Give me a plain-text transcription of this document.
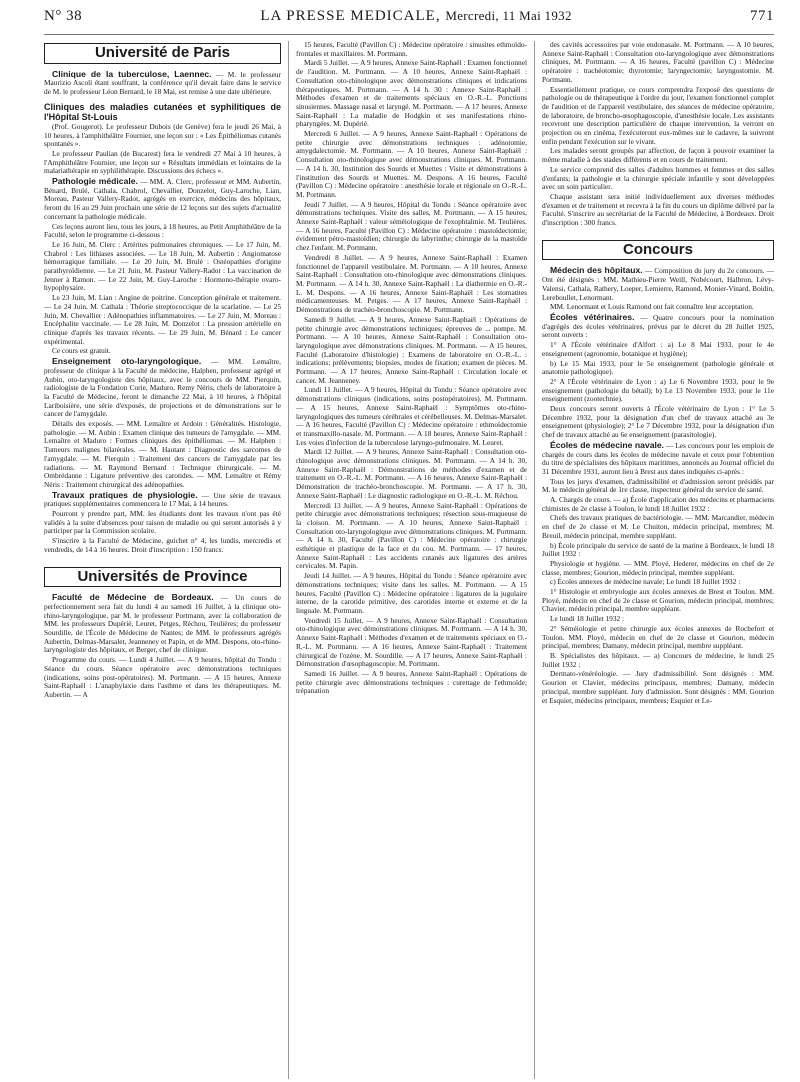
N° 38	LA PRESSE MEDICALE, Mercredi, 11 Mai 1932	771
Université de Paris

Clinique de la tuberculose, Laennec. — M. le professeur Maurizio Ascoli étant souffrant, la conférence qu'il devait faire dans le service de M. le professeur Léon Bernard, le 18 Mai, est remise à une date ultérieure.

Cliniques des maladies cutanées et syphilitiques de l'Hôpital St-Louis

(Prof. Gougerot). Le professeur Dubois (de Genève) fera le jeudi 26 Mai, à 10 heures, à l'amphithéâtre Fournier, une leçon sur : « Les Épithéliomas cutanés spontanés ».

Le professeur Paulian (de Bucarest) fera le vendredi 27 Mai à 10 heures, à l'Amphithéâtre Fournier, une leçon sur « Résultats immédiats et lointains de la malariathérapie en syphilithérapie. Discussions des échecs ».

Pathologie médicale. — MM. A. Clerc, professeur et MM. Aubertin, Bénard, Brulé, Cathala, Chabrol, Chevallier, Donzelot, Guy-Laroche, Lian, Moreau, Pasteur Vallery-Radot, agrégés en exercice, médecins des hôpitaux, feront du 16 au 29 Juin prochain une série de 12 leçons sur des sujets d'actualité concernant la pathologie médicale.

Ces leçons auront lieu, tous les jours, à 18 heures, au Petit Amphithéâtre de la Faculté, selon le programme ci-dessous :

Le 16 Juin, M. Clerc : Artérites pulmonaires chroniques. — Le 17 Juin, M. Chabrol : Les lithiases associées. — Le 18 Juin, M. Aubertin : Angiomatose hémorragique familiale. — Le 20 Juin, M. Brulé : Ostéopathies d'origine parathyroïdienne. — Le 21 Juin, M. Pasteur Vallery-Radot : La vaccination de Jenner à Ramon. — Le 22 Juin, M. Guy-Laroche : Hormono-thérapie ovaro-hypophysaire.

Le 23 Juin, M. Lian : Angine de poitrine. Conception générale et traitement. — Le 24 Juin, M. Cathala : Théorie streptococcique de la scarlatine. — Le 25 Juin, M. Chevallier : Adénopathies inflammatoires. — Le 27 Juin, M. Moreau : Encéphalite vaccinale. — Le 28 Juin, M. Donzelot : La pression artérielle en clinique d'après les travaux récents. — Le 29 Juin, M. Bénard : Le cancer expérimental.

Ce cours est gratuit.

Enseignement oto-laryngologique. — MM. Lemaître, professeur de clinique à la Faculté de médecine, Halphen, professeur agrégé et Aubin, oto-laryngologiste des hôpitaux, avec le concours de MM. Pierquin, radiologiste de la Fondation Curie, Maduro, Remy Néris, chefs de laboratoire à la Faculté de Médecine, feront le dimanche 22 Mai, à 10 heures, à l'hôpital Lariboisière, une série d'exposés, de projections et de démonstrations sur le cancer de l'amygdale.

Détails des exposés. — MM. Lemaître et Ardoin : Généralités. Histologie, pathologie. — M. Aubin : Examen clinique des tumeurs de l'amygdale. — MM. Lemaître et Maduro : Formes cliniques des épithéliomas. — M. Halphen : Tumeurs malignes bilatérales. — M. Hautant : Diagnostic des sarcomes de l'amygdale. — M. Pierquin : Traitement des cancers de l'amygdale par les radiations. — M. Raymond Bernard : Technique chirurgicale. — M. Ombrédanne : Ligature préventive des carotides. — MM. Lemaître et Rémy Néris : Traitement chirurgical des adénopathies.

Travaux pratiques de physiologie. — Une série de travaux pratiques supplémentaires commencera le 17 Mai, à 14 heures.

Pourront y prendre part, MM. les étudiants dont les travaux n'ont pas été validés à la suite d'absences pour raison de maladie ou qui seront autorisés à y participer par la Commission scolaire.

S'inscrire à la Faculté de Médecine, guichet n° 4, les lundis, mercredis et vendredis, de 14 à 16 heures. Droit d'inscription : 150 francs.

Universités de Province

Faculté de Médecine de Bordeaux. — Un cours de perfectionnement sera fait du lundi 4 au samedi 16 Juillet, à la clinique oto-rhino-laryngologique, par M. le professeur Portmann, avec la collaboration de MM. les professeurs Dupérié, Leuret, Petges, Réchou, Teulières; du professeur Sourdille, de l'École de Médecine de Nantes; de MM. le professeurs agrégés Aubertin, Delmas-Marsalet, Jeanneney et Papin, et de MM. Despons, oto-rhino-laryngologiste des hôpitaux, et Berger, chef de clinique.

Programme du cours. — Lundi 4 Juillet. — A 9 heures, hôpital du Tondu : Séance du cours. Séance opératoire avec démonstrations techniques (indications, soins post-opératoires). M. Portmann. — A 15 heures, Annexe Saint-Raphaël : L'anaphylaxie dans l'asthme et dans les thérapeutiques. M. Aubertin. — A

15 heures, Faculté (Pavillon C) : Médecine opératoire : sinusites ethmoïdo-frontales et maxillaires. M. Portmann.

Mardi 5 Juillet. — A 9 heures, Annexe Saint-Raphaël : Examen fonctionnel de l'audition. M. Portmann. — A 10 heures, Annexe Saint-Raphaël : Consultation oto-rhinologique avec démonstrations cliniques et indications thérapeutiques. M. Portmann. — A 14 h. 30 : Annexe Saint-Raphaël : Méthodes d'examen et de traitements spéciaux en O.-R.-L. Ponctions sinusiennes. Massage nasal et laryngé. M. Portmann. — A 17 heures, Annexe Saint-Raphaël : La maladie de Hodgkin et ses manifestations rhino-pharyngées. M. Dupérié.

Mercredi 6 Juillet. — A 9 heures, Annexe Saint-Raphaël : Opérations de petite chirurgie avec démonstrations techniques : adénotomie, amygdalectomie. M. Portmann. — A 10 heures, Annexe Saint-Raphaël : Consultation oto-rhinologique avec démonstrations cliniques. M. Portmann. — A 14 h. 30, Institution des Sourds et Muettes : Visite et démonstrations à l'institution des Sourds et Muettes. M. Despons. A 16 heures, Faculté (Pavillon C) : Médecine opératoire : anesthésie locale et régionale en O.-R.-L. M. Portmann.

Jeudi 7 Juillet. — A 9 heures, Hôpital du Tondu : Séance opératoire avec démonstrations techniques. Visite des salles, M. Portmann. — A 15 heures, Annexe Saint-Raphaël : valeur séméiologique de l'exophtalmie. M. Teulières. — A 16 heures, Faculté (Pavillon C) : Médecine opératoire : mastoïdectomie; évidement pétro-mastoïdien; chirurgie du labyrinthe; chirurgie de la mastoïde chez l'enfant. M. Portmann.

Vendredi 8 Juillet. — A 9 heures, Annexe Saint-Raphaël : Examen fonctionnel de l'appareil vestibulaire. M. Portmann. — A 10 heures, Annexe Saint-Raphaël : Consultation oto-rhinologique avec démonstrations cliniques. M. Portmann. — A 14 h. 30, Annexe Saint-Raphaël : La diathermie en O.-R.-L. M. Despons. — A 16 heures, Annexe Saint-Raphaël : Les stomatites médicamenteuses. M. Petges. — A 17 heures, Annexe Saint-Raphaël : Démonstrations de trachéo-bronchoscopie. M. Portmann.

Samedi 9 Juillet. — A 9 heures, Annexe Saint-Raphaël : Opérations de petite chirurgie avec démonstrations techniques; épreuves de ... pompe. M. Portmann. — A 10 heures, Annexe Saint-Raphaël : Consultation oto-laryngologique avec démonstrations cliniques. M. Portmann. — A 15 heures, Faculté (Laboratoire d'histologie) : Examens de laboratoire en O.-R.-L. : indications; prélèvements; biopsies, modes de fixation; examen de pièces. M. Portmann. — A 17 heures, Annexe Saint-Raphaël : Circulation locale et cancer. M. Jeanneney.

Lundi 11 Juillet. — A 9 heures, Hôpital du Tondu : Séance opératoire avec démonstrations cliniques (indications, soins postopératoires). M. Portmann. — A 15 heures, Annexe Saint-Raphaël : Symptômes oto-rhino-laryngologiques des tumeurs cérébrales et cérébelleuses. M. Delmas-Marsalet. — A 16 heures, Faculté (Pavillon C) : Médecine opératoire : ethmoïdectomie et transmaxillo-nasale. M. Portmann. — A 18 heures, Annexe Saint-Raphaël : Les voies d'infection de la tuberculose laryngo-pulmonaire. M. Leuret.

Mardi 12 Juillet. — A 9 heures, Annexe Saint-Raphaël : Consultation oto-rhinologique avec démonstrations cliniques. M. Portmann. — A 14 h. 30, Annexe Saint-Raphaël : Démonstrations de méthodes d'examen et de traitement en O.-R.-L. M. Portmann. — A 16 heures, Annexe Saint-Raphaël : Démonstration de trachéo-bronchoscopie. M. Portmann. — A 17 h. 30, Annexe Saint-Raphaël : Le diagnostic radiologique en O.-R.-L. M. Réchou.

Mercredi 13 Juillet. — A 9 heures, Annexe Saint-Raphaël : Opérations de petite chirurgie avec démonstrations techniques; résection sous-muqueuse de la cloison. M. Portmann. — A 10 heures, Annexe Saint-Raphaël : Consultation oto-laryngologique avec démonstrations cliniques. M. Portmann. — A 14 h. 30, Faculté (Pavillon C) : Médecine opératoire : chirurgie esthétique et plastique de la face et du cou. M. Portmann. — 17 heures, Annexe Saint-Raphaël : Les accidents cutanés aux ligatures des artères cervicales. M. Papin.

Jeudi 14 Juillet. — A 9 heures, Hôpital du Tondu : Séance opératoire avec démonstrations techniques; visite dans les salles. M. Portmann. — A 15 heures, Faculté (Pavillon C) : Médecine opératoire : ligatures de la jugulaire interne, de la carotide primitive, des carotides interne et externe et de la linguale. M. Portmann.

Vendredi 15 Juillet. — A 9 heures, Annexe Saint-Raphaël : Consultation oto-rhinologique avec démonstrations cliniques. M. Portmann. — A 14 h. 30, Annexe Saint-Raphaël : Méthodes d'examen et de traitements spéciaux en O.-R.-L. M. Portmann. — A 16 heures, Annexe Saint-Raphaël : Traitement chirurgical de l'ozène. M. Sourdille. — A 17 heures, Annexe Saint-Raphaël : Démonstration d'œsophagoscopie. M. Portmann.

Samedi 16 Juillet. — A 9 heures, Annexe Saint-Raphaël : Opérations de petite chirurgie avec démonstrations techniques : curettage de l'ethmoïde; trépanation

des cavités accessoires par voie endonasale. M. Portmann. — A 10 heures, Annexe Saint-Raphaël : Consultation oto-laryngologique avec démonstrations cliniques, M. Portmann. — A 16 heures, Faculté (pavillon C) : Médecine opératoire : trachéotomie; thyrotomie; laryngectomie; laryngostomie. M. Portmann.

Essentiellement pratique, ce cours comprendra l'exposé des questions de pathologie ou de thérapeutique à l'ordre du jour, l'examen fonctionnel complet de l'audition et de l'appareil vestibulaire, des séances de médecine opératoire, de laboratoire, de broncho-œsophagoscopie, d'anesthésie locale. Les assistants recevront une description particulière de chaque intervention, la verront en projection ou en cinéma, l'exécuteront eux-mêmes sur le cadavre, la suivront enfin pendant l'exécution sur le vivant.

Les malades seront groupés par affection, de façon à pouvoir examiner la même maladie à des stades différents et en cours de traitement.

Le service comprend des salles d'adultes hommes et femmes et des salles d'enfants; la pathologie et la chirurgie spéciale infantile y sont développées avec un soin particulier.

Chaque assistant sera initié individuellement aux diverses méthodes d'examen et de traitement et recevra à la fin du cours un diplôme délivré par la Faculté. S'inscrire au secrétariat de la Faculté de Médecine, à Bordeaux. Droit d'inscription : 300 francs.

Concours

Médecin des hôpitaux. — Composition du jury du 2e concours. — Ont été désignés : MM. Mathieu-Pierre Weill, Nobécourt, Halbron, Lévy-Valensi, Cathala, Rathery, Loeper, Lemierre, Ramond, Monier-Vinard, Boidin, Lereboullet, Lenormant.

MM. Lenormant et Louis Ramond ont fait connaître leur acceptation.

Écoles vétérinaires. — Quatre concours pour la nomination d'agrégés des écoles vétérinaires, prévus par le décret du 28 Juillet 1925, seront ouverts :

1° A l'École vétérinaire d'Alfort : a) Le 8 Mai 1933, pour le 4e enseignement (agronomie, botanique et hygiène);

b) Le 15 Mai 1933, pour le 5e enseignement (pathologie générale et anatomie pathologique).

2° A l'École vétérinaire de Lyon : a) Le 6 Novembre 1933, pour le 9e enseignement (pathologie du bétail); b) Le 13 Novembre 1933, pour le 11e enseignement (zootechnie).

Deux concours seront ouverts à l'École vétérinaire de Lyon : 1° Le 5 Décembre 1932, pour la désignation d'un chef de travaux attaché au 3e enseignement (physiologie); 2° Le 7 Décembre 1932, pour la désignation d'un chef de travaux attaché au 6e enseignement (parasitologie).

Écoles de médecine navale. — Les concours pour les emplois de chargés de cours dans les écoles de médecine navale et ceux pour l'obtention du titre de spécialistes des hôpitaux maritimes, annoncés au Journal officiel du 31 Décembre 1931, auront lieu à Brest aux dates indiquées ci-après :

Tous les jurys d'examen, d'admissibilité et d'admission seront présidés par M. le médecin général de 1re classe, inspecteur général du service de santé.

A. Chargés de cours. — a) École d'application des médecins et pharmaciens chimistes de 2e classe à Toulon, le lundi 18 Juillet 1932 :

Chefs des travaux pratiques de bactériologie. — MM. Marcandier, médecin en chef de 2e classe et M. Le Chuiton, médecin principal, membres; M. Breuil, médecin principal, membre suppléant.

b) École principale du service de santé de la marine à Bordeaux, le lundi 18 Juillet 1932 :

Physiologie et hygiène. — MM. Ployé, Hederer, médecins en chef de 2e classe, membres; Gourion, médecin principal, membre suppléant.

c) Écoles annexes de médecine navale; Le lundi 18 Juillet 1932 :

1° Histologie et embryologie aux écoles annexes de Brest et Toulon. MM. Ployé, médecin en chef de 2e classe et Gourion, médecin principal, membres; Chavier, médecin principal, membre suppléant.

Le lundi 18 Juillet 1932 :

2° Séméiologie et petite chirurgie aux écoles annexes de Rochefort et Toulon. MM. Ployé, médecin en chef de 2e classe et Gourion, médecin principal, membres; Damany, médecin principal, membre suppléant.

B. Spécialistes des hôpitaux. — a) Concours de médecine, le lundi 25 Juillet 1932 :

Dermato-vénéréologie. — Jury d'admissibilité. Sont désignés : MM. Gourion et Clavier, médecins principaux, membres; Damany, médecin principal, membre suppléant. Jury d'admission. Sont désignés : MM. Gourion et Esquier, médecins principaux, membres; Esquier et Le-
